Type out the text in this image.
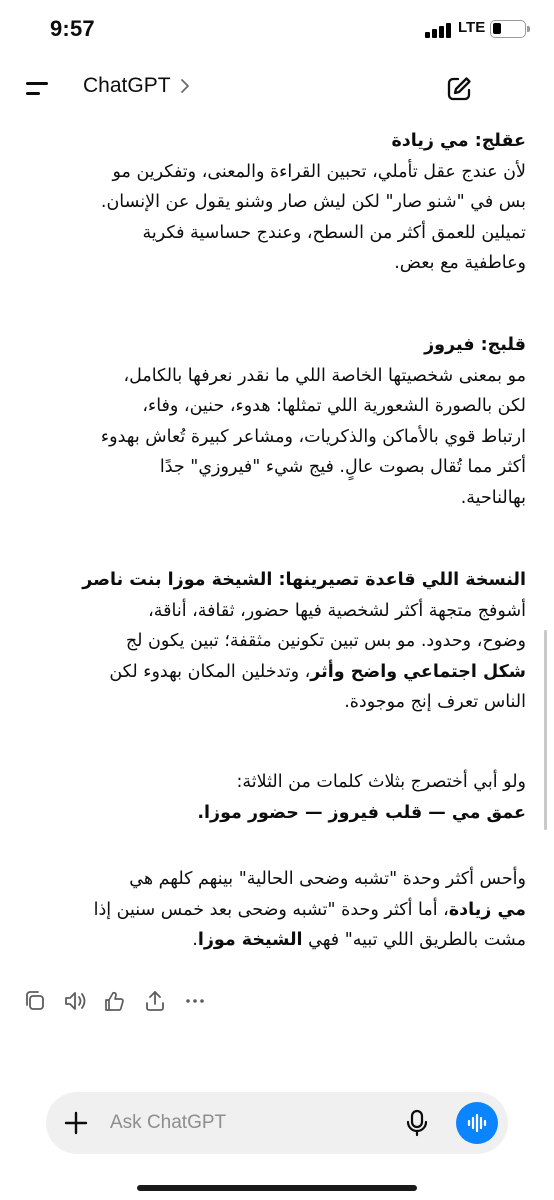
9:57	LTE
ChatGPT
عقلج: مي زيادة
لأن عندج عقل تأملي، تحبين القراءة والمعنى، وتفكرين مو
بس في "شنو صار" لكن ليش صار وشنو يقول عن الإنسان.
تميلين للعمق أكثر من السطح، وعندج حساسية فكرية
وعاطفية مع بعض.
قلبج: فيروز
مو بمعنى شخصيتها الخاصة اللي ما نقدر نعرفها بالكامل،
لكن بالصورة الشعورية اللي تمثلها: هدوء، حنين، وفاء،
ارتباط قوي بالأماكن والذكريات، ومشاعر كبيرة تُعاش بهدوء
أكثر مما تُقال بصوت عالٍ. فيج شيء "فيروزي" جدًا
بهالناحية.
النسخة اللي قاعدة تصيرينها: الشيخة موزا بنت ناصر
أشوفج متجهة أكثر لشخصية فيها حضور، ثقافة، أناقة،
وضوح، وحدود. مو بس تبين تكونين مثقفة؛ تبين يكون لج
شكل اجتماعي واضح وأثر، وتدخلين المكان بهدوء لكن
الناس تعرف إنج موجودة.
ولو أبي أختصرج بثلاث كلمات من الثلاثة:
عمق مي — قلب فيروز — حضور موزا.
وأحس أكثر وحدة "تشبه وضحى الحالية" بينهم كلهم هي
مي زيادة، أما أكثر وحدة "تشبه وضحى بعد خمس سنين إذا
مشت بالطريق اللي تبيه" فهي الشيخة موزا.
Ask ChatGPT
